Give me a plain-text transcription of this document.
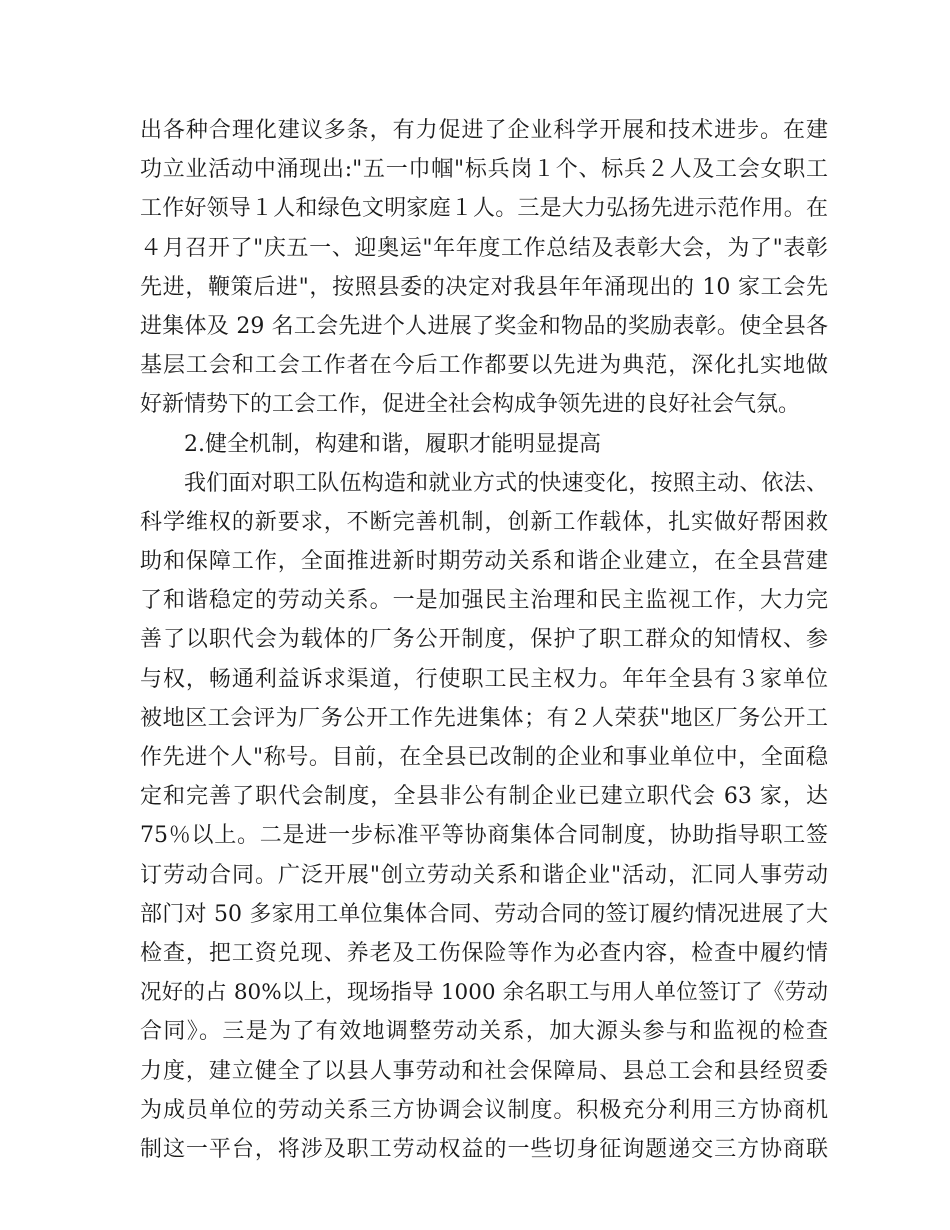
出各种合理化建议多条，有力促进了企业科学开展和技术进步。在建
功立业活动中涌现出:"五一巾帼"标兵岗１个、标兵２人及工会女职工
工作好领导１人和绿色文明家庭１人。三是大力弘扬先进示范作用。在
４月召开了"庆五一、迎奥运"年年度工作总结及表彰大会，为了"表彰
先进，鞭策后进"，按照县委的决定对我县年年涌现出的 10 家工会先
进集体及 29 名工会先进个人进展了奖金和物品的奖励表彰。使全县各
基层工会和工会工作者在今后工作都要以先进为典范，深化扎实地做
好新情势下的工会工作，促进全社会构成争领先进的良好社会气氛。
2.健全机制，构建和谐，履职才能明显提高
我们面对职工队伍构造和就业方式的快速变化，按照主动、依法、
科学维权的新要求，不断完善机制，创新工作载体，扎实做好帮困救
助和保障工作，全面推进新时期劳动关系和谐企业建立，在全县营建
了和谐稳定的劳动关系。一是加强民主治理和民主监视工作，大力完
善了以职代会为载体的厂务公开制度，保护了职工群众的知情权、参
与权，畅通利益诉求渠道，行使职工民主权力。年年全县有３家单位
被地区工会评为厂务公开工作先进集体；有２人荣获"地区厂务公开工
作先进个人"称号。目前，在全县已改制的企业和事业单位中，全面稳
定和完善了职代会制度，全县非公有制企业已建立职代会 63 家，达
75％以上。二是进一步标准平等协商集体合同制度，协助指导职工签
订劳动合同。广泛开展"创立劳动关系和谐企业"活动，汇同人事劳动
部门对 50 多家用工单位集体合同、劳动合同的签订履约情况进展了大
检查，把工资兑现、养老及工伤保险等作为必查内容，检查中履约情
况好的占 80%以上，现场指导 1000 余名职工与用人单位签订了《劳动
合同》。三是为了有效地调整劳动关系，加大源头参与和监视的检查
力度，建立健全了以县人事劳动和社会保障局、县总工会和县经贸委
为成员单位的劳动关系三方协调会议制度。积极充分利用三方协商机
制这一平台，将涉及职工劳动权益的一些切身征询题递交三方协商联
